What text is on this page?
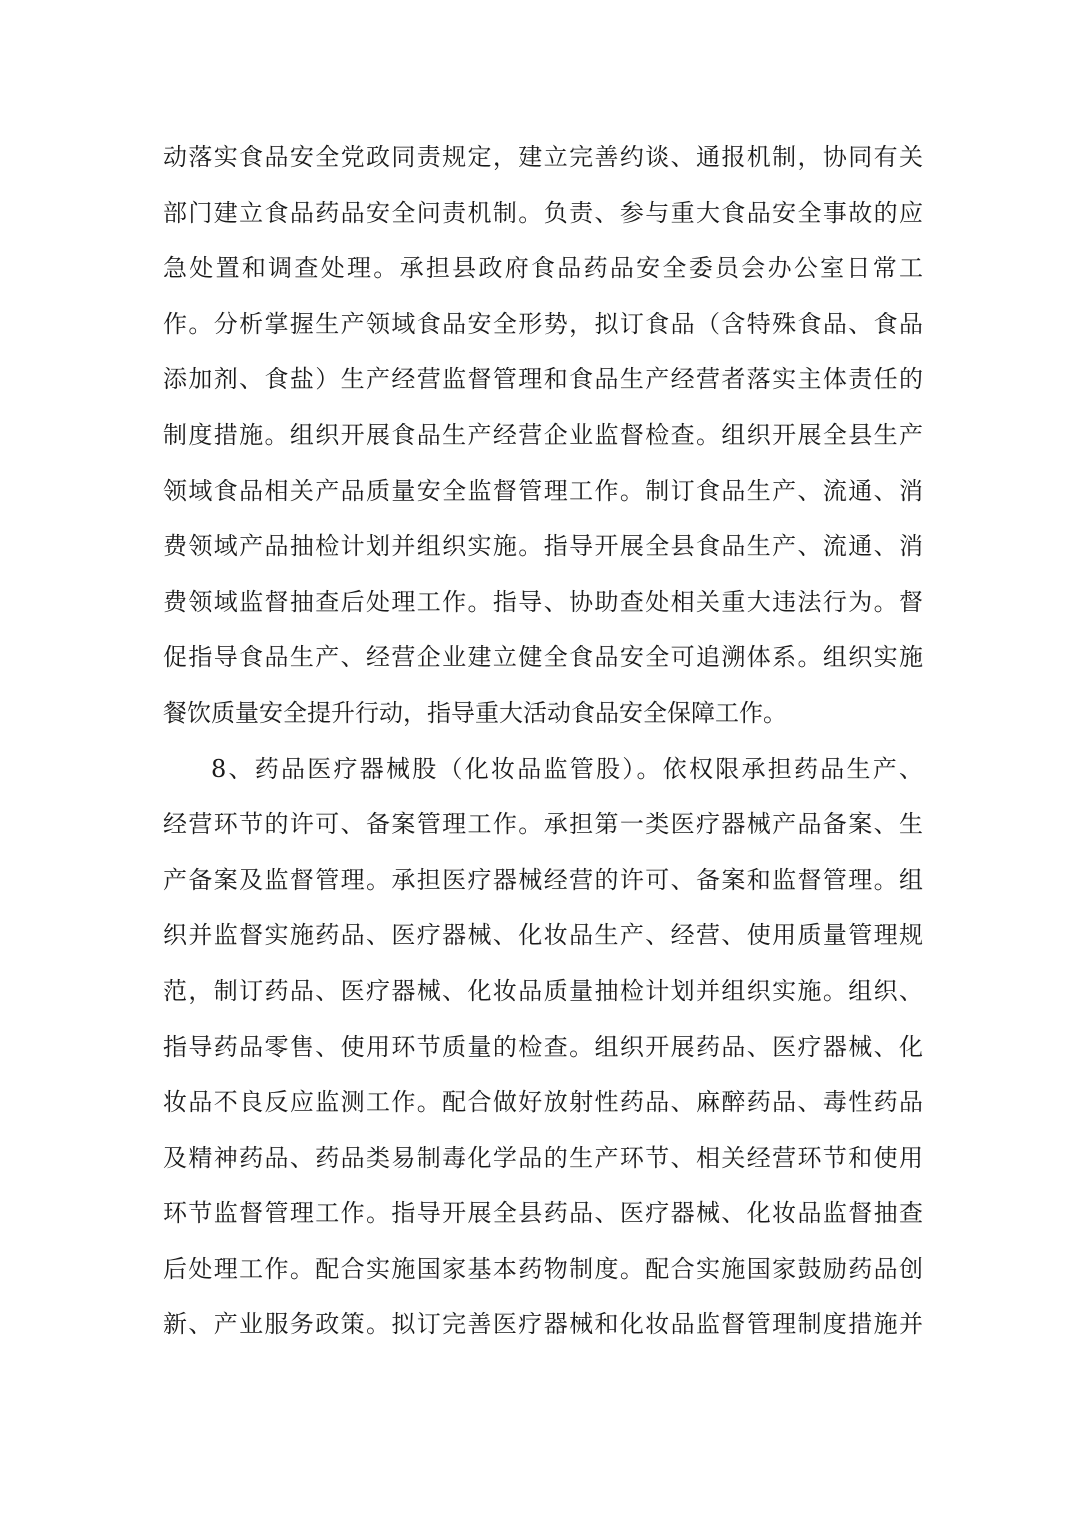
动落实食品安全党政同责规定，建立完善约谈、通报机制，协同有关
部门建立食品药品安全问责机制。负责、参与重大食品安全事故的应
急处置和调查处理。承担县政府食品药品安全委员会办公室日常工
作。分析掌握生产领域食品安全形势，拟订食品（含特殊食品、食品
添加剂、食盐）生产经营监督管理和食品生产经营者落实主体责任的
制度措施。组织开展食品生产经营企业监督检查。组织开展全县生产
领域食品相关产品质量安全监督管理工作。制订食品生产、流通、消
费领域产品抽检计划并组织实施。指导开展全县食品生产、流通、消
费领域监督抽查后处理工作。指导、协助查处相关重大违法行为。督
促指导食品生产、经营企业建立健全食品安全可追溯体系。组织实施
餐饮质量安全提升行动，指导重大活动食品安全保障工作。
8、药品医疗器械股（化妆品监管股）。依权限承担药品生产、
经营环节的许可、备案管理工作。承担第一类医疗器械产品备案、生
产备案及监督管理。承担医疗器械经营的许可、备案和监督管理。组
织并监督实施药品、医疗器械、化妆品生产、经营、使用质量管理规
范，制订药品、医疗器械、化妆品质量抽检计划并组织实施。组织、
指导药品零售、使用环节质量的检查。组织开展药品、医疗器械、化
妆品不良反应监测工作。配合做好放射性药品、麻醉药品、毒性药品
及精神药品、药品类易制毒化学品的生产环节、相关经营环节和使用
环节监督管理工作。指导开展全县药品、医疗器械、化妆品监督抽查
后处理工作。配合实施国家基本药物制度。配合实施国家鼓励药品创
新、产业服务政策。拟订完善医疗器械和化妆品监督管理制度措施并
